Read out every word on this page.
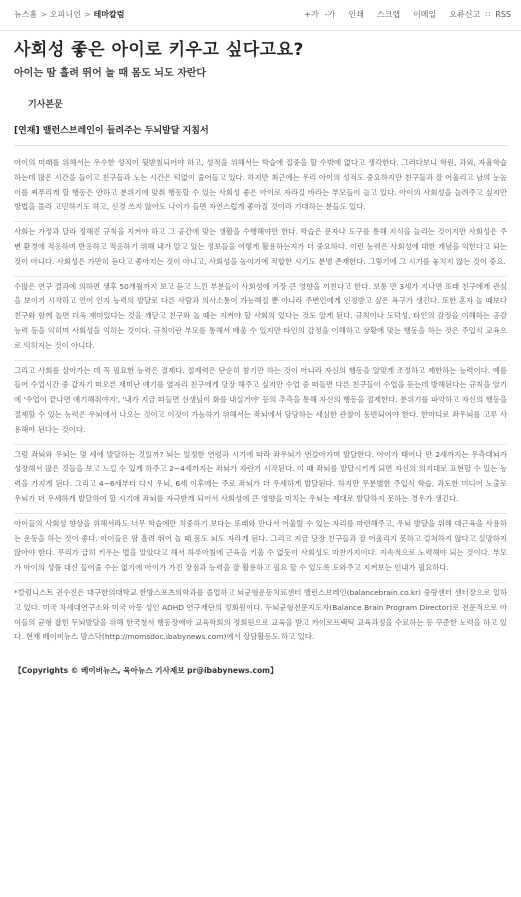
뉴스홈 > 오피니언 > 테마칼럼	+가 -가 인쇄 스크랩 이메일 오류신고 ∷ RSS
사회성 좋은 아이로 키우고 싶다고요?
아이는 땀 흘려 뛰어 놀 때 몸도 뇌도 자란다
기사본문
[연재] 밸런스브레인이 들려주는 두뇌발달 지침서

아이의 미래를 위해서는 우수한 성적이 뒷받침되어야 하고, 성적을 위해서는 학습에 집중을 할 수밖에 없다고 생각한다. 그러다보니 학원, 과외, 자율학습 하는데 많은 시간을 들이고 친구들과 노는 시간은 턱없이 줄어들고 있다. 하지만 최근에는 우리 아이의 성적도 중요하지만 친구들과 잘 어울리고 남의 눈높이를 찌푸리게 할 행동은 안하고 분위기에 맞춰 행동할 수 있는 사회성 좋은 아이로 자라길 바라는 부모들이 늘고 있다. 아이의 사회성을 늘려주고 싶지만 방법을 몰라 고민하기도 하고, 신경 쓰지 않아도 나이가 들면 자연스럽게 좋아질 것이라 기대하는 분들도 있다.

사회는 가정과 달라 정해진 규칙을 지켜야 하고 그 공간에 맞는 생활을 수행해야만 한다. 학습은 문자나 도구를 통해 지식을 늘리는 것이지만 사회성은 주변 환경에 적응하며 반응하고 적응하기 위해 내가 알고 있는 정보들을 어떻게 활용하는지가 더 중요하다. 이런 능력은 사회성에 대한 개념을 익힌다고 되는 것이 아니다. 사회성은 가만히 듣다고 좋아지는 것이 아니고, 사회성을 높이기에 적합한 시기도 분명 존재한다. 그렇기에 그 시기를 놓치지 않는 것이 중요.

수많은 연구 결과에 의하면 생후 50개월까지 보고 듣고 느낀 부분들이 사회성에 가장 큰 영향을 끼친다고 한다. 보통 만 3세가 지나면 또래 친구에게 관심을 보이기 시작하고 언어 인지 능력의 발달로 다른 사람과 의사소통이 가능해질 뿐 아니라 주변인에게 인정받고 싶은 욕구가 생긴다. 또한 혼자 놀 때보다 친구와 함께 놀면 더욱 재미있다는 것을 깨닫고 친구와 놀 때는 지켜야 할 사회의 있다는 것도 알게 된다. 규칙이나 도덕성, 타인의 감정을 이해하는 공감 능력 등을 익히며 사회성을 익히는 것이다. 규칙이란 부모를 통해서 배울 수 있지만 타인의 감정을 이해하고 상황에 맞는 행동을 하는 것은 주입식 교육으로 익히지는 것이 아니다.

그리고 사회를 살아가는 데 꼭 필요한 능력은 절제다. 절제력은 단순히 참기만 하는 것이 아니라 자신의 행동을 알맞게 조정하고 제한하는 능력이다. 예를 들어 수업시간 중 갑자기 떠오른 재미난 얘기를 옆자리 친구에게 당장 해주고 싶지만 수업 중 떠들면 다른 친구들이 수업을 듣는데 방해된다는 규칙을 알기에 '수업이 끝나면 얘기해줘야지', '내가 지금 떠들면 선생님이 화를 내실거야' 등의 추측을 통해 자신의 행동을 절제한다. 분위기를 파악하고 자신의 행동을 절제할 수 있는 능력은 우뇌에서 나오는 것이고 이것이 가능하기 위해서는 좌뇌에서 담당하는 세심한 관찰이 동반되어야 한다. 한마디로 좌우뇌를 고루 사용해야 된다는 것이다.

그럼 좌뇌와 우뇌는 몇 세에 발달하는 것일까? 뇌는 일정한 연령과 시기에 따라 좌우뇌가 번갈아가며 발달한다. 아이가 태어나 만 2세까지는 우측대뇌가 성장해서 많은 것들을 보고 느낄 수 있게 하주고 2~4세까지는 좌뇌가 자란기 시작된다. 이 때 좌뇌를 발달시키게 되면 자신의 의지대로 표현할 수 있는 능력을 가지게 된다. 그리고 4~6세부터 다시 우뇌, 6세 이후에는 주로 좌뇌가 더 우세하게 발달된다. 하지만 무분별한 주입식 학습, 과도한 미디어 노출로 우뇌가 더 우세하게 발달하여 할 시기에 좌뇌를 자극받게 되어서 사회성에 큰 영향을 미치는 우뇌는 제대로 발달하지 못하는 경우가 생긴다.

아이들의 사회성 향상을 위해서라도 너무 학습에만 치중하기 보다는 또래와 만나서 어울릴 수 있는 자리를 마련해주고, 우뇌 발달을 위해 대근육을 사용하는 운동을 하는 것이 좋다. 아이들은 땀 흘려 뛰어 놀 때 몸도 뇌도 자라게 된다. 그리고 지금 당장 친구들과 잘 어울리지 못하고 걸쳐하지 않다고 실망하지 않아야 한다. 무리가 급히 키우는 법을 알았다고 해서 하루아침에 근육을 키울 수 없듯이 사회성도 마찬가지이다. 지속적으로 노력해야 되는 것이다. 부모가 아이의 성품 대신 들어줄 수는 없기에 아이가 가진 장점과 능력을 잘 활용하고 필요 할 수 있도록 도와주고 지켜보는 인내가 필요하다.

*칼럼니스트 권수진은 대구한의대학교 한방스포츠의학과를 졸업하고 뇌균형운동치료센터 밸런스브레인(balancebrain.co.kr) 중랑센터 센터장으로 일하고 있다. 미국 차세대연구소와 미국 아동 성인 ADHD 연구재단의 정회원이다. 두뇌균형전문지도자(Balance Brain Program Director)로 전문적으로 아이들의 균형 잡힌 두뇌발달을 위해 한국청서 행동장애아 교육학회의 정회원으로 교육을 받고 카이로프랙틱 교육과정을 수료하는 등 꾸준한 노력을 하고 있다. 현재 베이비뉴스 맘스닥(http://momsdoc.ibabynews.com)에서 상담활동도 하고 있다.

【Copyrights © 베이비뉴스, 육아뉴스 기사제보 pr@ibabynews.com】
